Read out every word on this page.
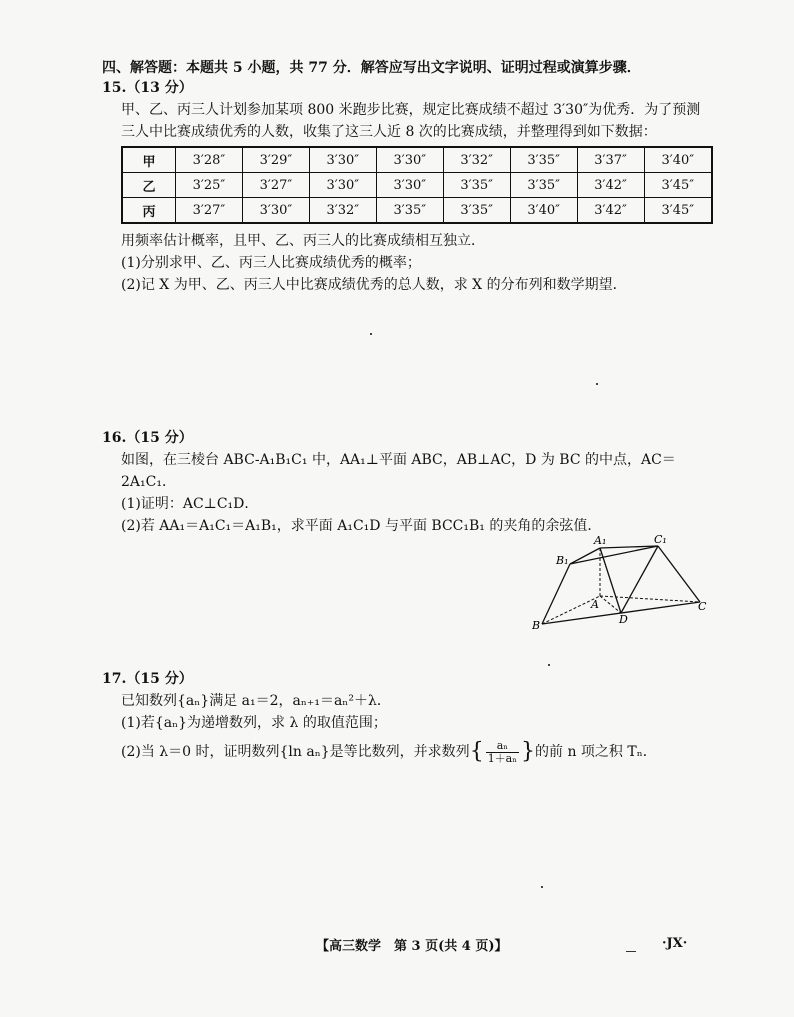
四、解答题：本题共 5 小题，共 77 分．解答应写出文字说明、证明过程或演算步骤．
15.（13 分）
甲、乙、丙三人计划参加某项 800 米跑步比赛，规定比赛成绩不超过 3′30″为优秀．为了预测
三人中比赛成绩优秀的人数，收集了这三人近 8 次的比赛成绩，并整理得到如下数据：
甲	3′28″	3′29″	3′30″	3′30″	3′32″	3′35″	3′37″	3′40″
乙	3′25″	3′27″	3′30″	3′30″	3′35″	3′35″	3′42″	3′45″
丙	3′27″	3′30″	3′32″	3′35″	3′35″	3′40″	3′42″	3′45″
用频率估计概率，且甲、乙、丙三人的比赛成绩相互独立．
(1)分别求甲、乙、丙三人比赛成绩优秀的概率；
(2)记 X 为甲、乙、丙三人中比赛成绩优秀的总人数，求 X 的分布列和数学期望．
16.（15 分）
如图，在三棱台 ABC-A₁B₁C₁ 中，AA₁⊥平面 ABC，AB⊥AC，D 为 BC 的中点，AC＝
2A₁C₁．
(1)证明：AC⊥C₁D．
(2)若 AA₁＝A₁C₁＝A₁B₁，求平面 A₁C₁D 与平面 BCC₁B₁ 的夹角的余弦值．
A₁
B₁
C₁
A
B
C
D
17.（15 分）
已知数列{aₙ}满足 a₁＝2，aₙ₊₁＝aₙ²＋λ．
(1)若{aₙ}为递增数列，求 λ 的取值范围；
(2)当 λ＝0 时，证明数列{ln aₙ}是等比数列，并求数列{ $\frac{\text{aₙ}}{\text{1＋aₙ}}$ }的前 n 项之积 Tₙ．
【高三数学　第 3 页(共 4 页)】	·JX·
